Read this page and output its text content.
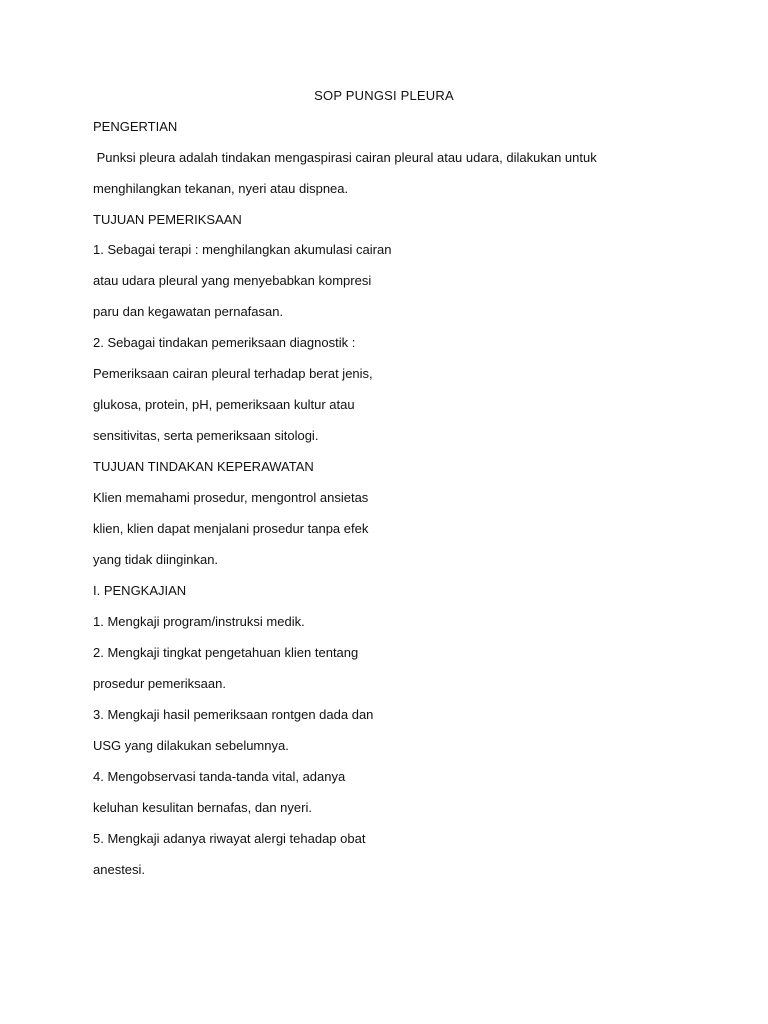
SOP PUNGSI PLEURA
PENGERTIAN
Punksi pleura adalah tindakan mengaspirasi cairan pleural atau udara, dilakukan untuk
menghilangkan tekanan, nyeri atau dispnea.
TUJUAN PEMERIKSAAN
1. Sebagai terapi : menghilangkan akumulasi cairan
atau udara pleural yang menyebabkan kompresi
paru dan kegawatan pernafasan.
2. Sebagai tindakan pemeriksaan diagnostik :
Pemeriksaan cairan pleural terhadap berat jenis,
glukosa, protein, pH, pemeriksaan kultur atau
sensitivitas, serta pemeriksaan sitologi.
TUJUAN TINDAKAN KEPERAWATAN
Klien memahami prosedur, mengontrol ansietas
klien, klien dapat menjalani prosedur tanpa efek
yang tidak diinginkan.
I. PENGKAJIAN
1. Mengkaji program/instruksi medik.
2. Mengkaji tingkat pengetahuan klien tentang
prosedur pemeriksaan.
3. Mengkaji hasil pemeriksaan rontgen dada dan
USG yang dilakukan sebelumnya.
4. Mengobservasi tanda-tanda vital, adanya
keluhan kesulitan bernafas, dan nyeri.
5. Mengkaji adanya riwayat alergi tehadap obat
anestesi.
